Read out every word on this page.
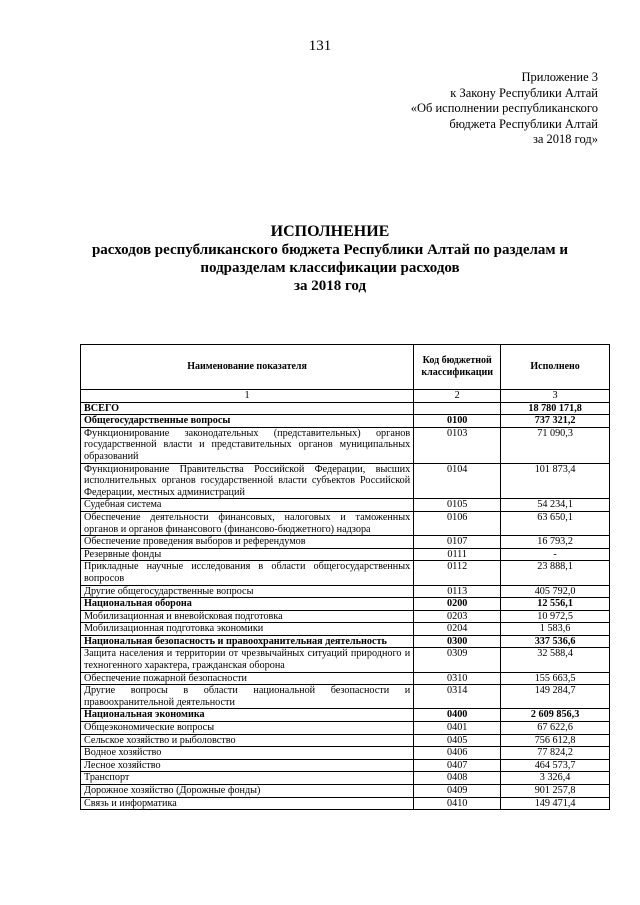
131
Приложение 3
к Закону Республики Алтай
«Об исполнении республиканского
бюджета Республики Алтай
за 2018 год»
ИСПОЛНЕНИЕ
расходов республиканского бюджета Республики Алтай по разделам и
подразделам классификации расходов
за 2018 год
Наименование показателя	Код бюджетной классификации	Исполнено
1	2	3
ВСЕГО		18 780 171,8
Общегосударственные вопросы	0100	737 321,2
Функционирование законодательных (представительных) органов государственной власти и представительных органов муниципальных образований	0103	71 090,3
Функционирование Правительства Российской Федерации, высших исполнительных органов государственной власти субъектов Российской Федерации, местных администраций	0104	101 873,4
Судебная система	0105	54 234,1
Обеспечение деятельности финансовых, налоговых и таможенных органов и органов финансового (финансово-бюджетного) надзора	0106	63 650,1
Обеспечение проведения выборов и референдумов	0107	16 793,2
Резервные фонды	0111	-
Прикладные научные исследования в области общегосударственных вопросов	0112	23 888,1
Другие общегосударственные вопросы	0113	405 792,0
Национальная оборона	0200	12 556,1
Мобилизационная и вневойсковая подготовка	0203	10 972,5
Мобилизационная подготовка экономики	0204	1 583,6
Национальная безопасность и правоохранительная деятельность	0300	337 536,6
Защита населения и территории от чрезвычайных ситуаций природного и техногенного характера, гражданская оборона	0309	32 588,4
Обеспечение пожарной безопасности	0310	155 663,5
Другие вопросы в области национальной безопасности и правоохранительной деятельности	0314	149 284,7
Национальная экономика	0400	2 609 856,3
Общеэкономические вопросы	0401	67 622,6
Сельское хозяйство и рыболовство	0405	756 612,8
Водное хозяйство	0406	77 824,2
Лесное хозяйство	0407	464 573,7
Транспорт	0408	3 326,4
Дорожное хозяйство (Дорожные фонды)	0409	901 257,8
Связь и информатика	0410	149 471,4
